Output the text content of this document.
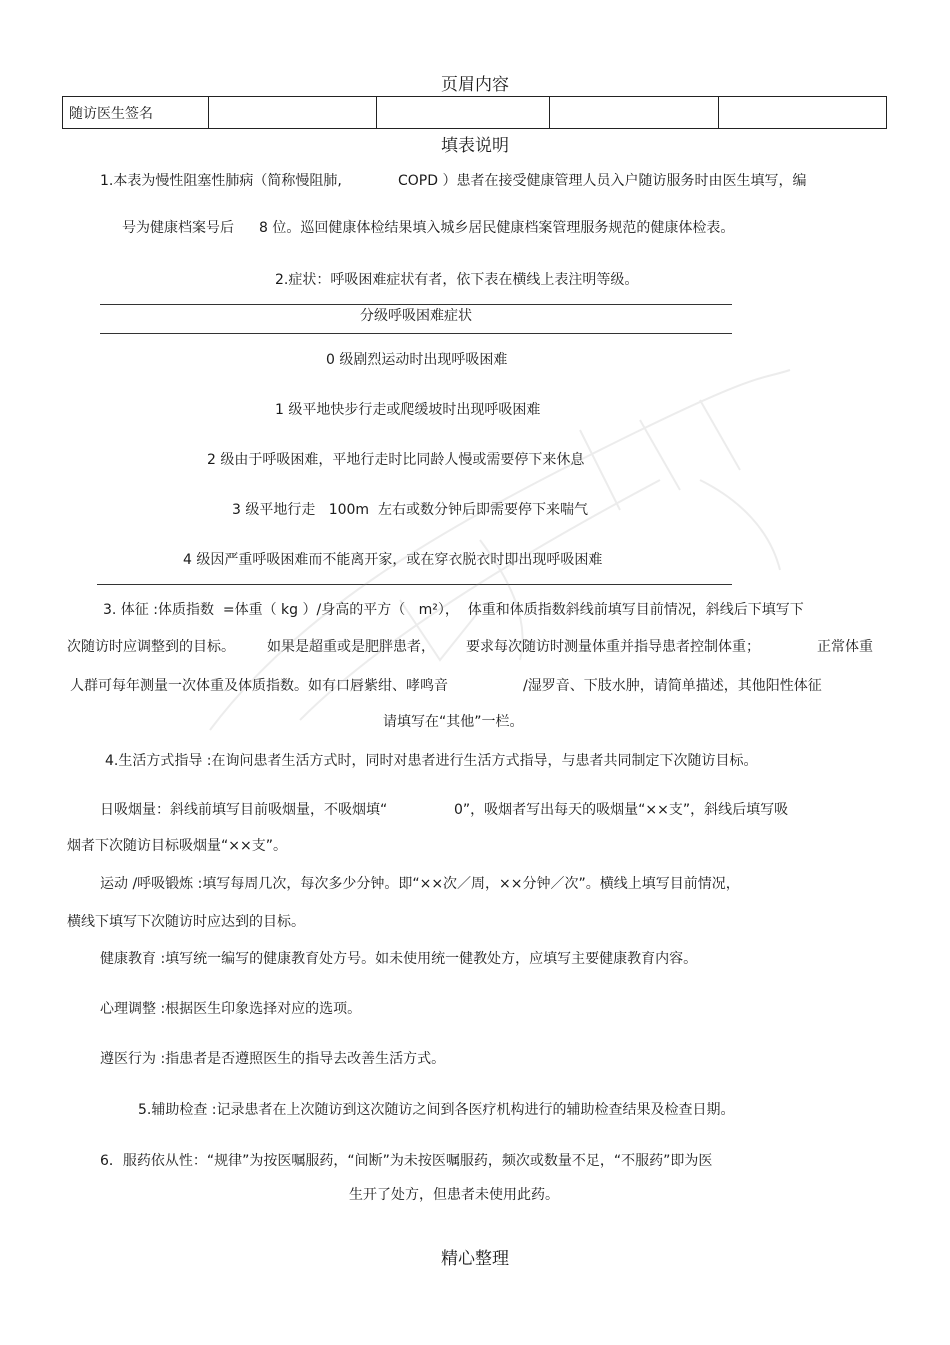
页眉内容
随访医生签名				
填表说明
1.本表为慢性阻塞性肺病（简称慢阻肺,	COPD ）患者在接受健康管理人员入户随访服务时由医生填写，编
号为健康档案号后 8 位。巡回健康体检结果填入城乡居民健康档案管理服务规范的健康体检表。
2.症状：呼吸困难症状有者，依下表在横线上表注明等级。
分级呼吸困难症状
0 级剧烈运动时出现呼吸困难
1 级平地快步行走或爬缓坡时出现呼吸困难
2 级由于呼吸困难，平地行走时比同龄人慢或需要停下来休息
3 级平地行走   100m  左右或数分钟后即需要停下来喘气
4 级因严重呼吸困难而不能离开家，或在穿衣脱衣时即出现呼吸困难
3. 体征 :体质指数  =体重（ kg ）/身高的平方（   m²），  体重和体质指数斜线前填写目前情况，斜线后下填写下
次随访时应调整到的目标。 如果是超重或是肥胖患者， 要求每次随访时测量体重并指导患者控制体重；	正常体重
人群可每年测量一次体重及体质指数。如有口唇紫绀、哮鸣音	/湿罗音、下肢水肿，请简单描述，其他阳性体征
请填写在“其他”一栏。
4.生活方式指导 :在询问患者生活方式时，同时对患者进行生活方式指导，与患者共同制定下次随访目标。
日吸烟量：斜线前填写目前吸烟量，不吸烟填“	0”，吸烟者写出每天的吸烟量“××支”，斜线后填写吸
烟者下次随访目标吸烟量“××支”。
运动 /呼吸锻炼 :填写每周几次，每次多少分钟。即“××次／周，××分钟／次”。横线上填写目前情况，
横线下填写下次随访时应达到的目标。
健康教育 :填写统一编写的健康教育处方号。如未使用统一健教处方，应填写主要健康教育内容。
心理调整 :根据医生印象选择对应的选项。
遵医行为 :指患者是否遵照医生的指导去改善生活方式。
5.辅助检查 :记录患者在上次随访到这次随访之间到各医疗机构进行的辅助检查结果及检查日期。
6．服药依从性：“规律”为按医嘱服药，“间断”为未按医嘱服药，频次或数量不足，“不服药”即为医
生开了处方，但患者未使用此药。
精心整理
